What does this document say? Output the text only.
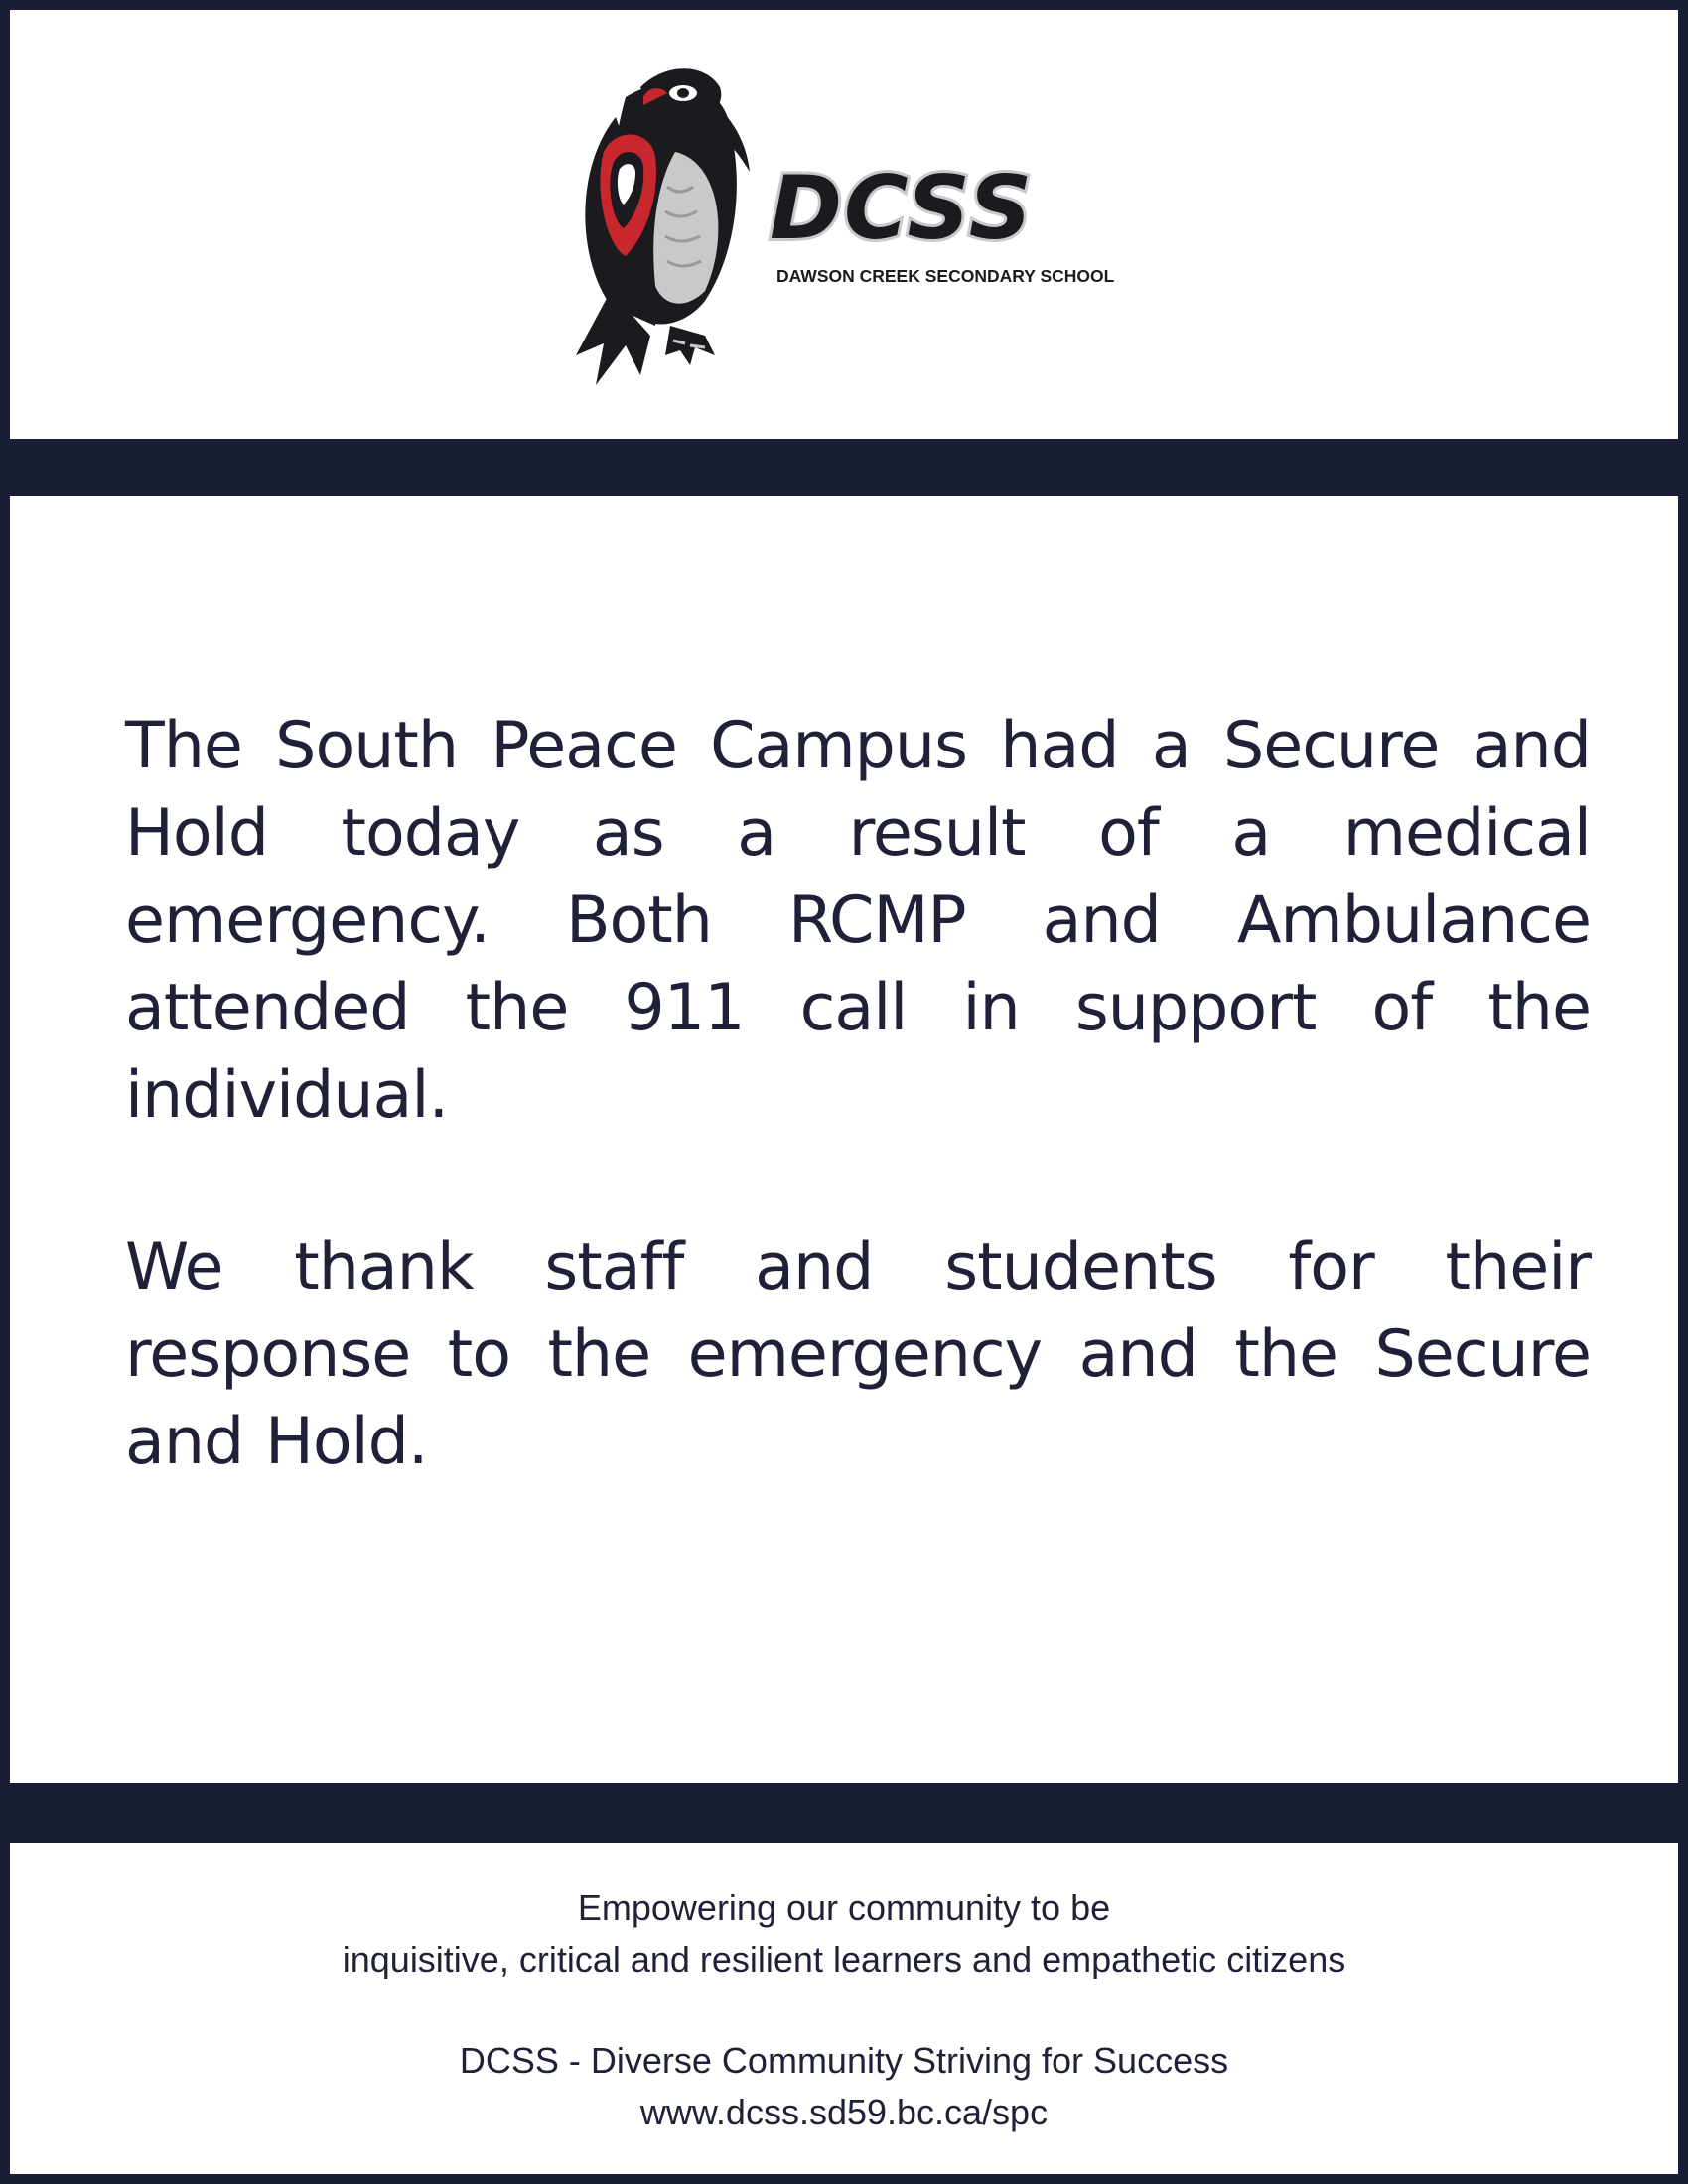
DCSS
DAWSON CREEK SECONDARY SCHOOL

The South Peace Campus had a Secure and Hold today as a result of a medical emergency. Both RCMP and Ambulance attended the 911 call in support of the individual.

We thank staff and students for their response to the emergency and the Secure and Hold.

Empowering our community to be
inquisitive, critical and resilient learners and empathetic citizens
DCSS - Diverse Community Striving for Success
www.dcss.sd59.bc.ca/spc
